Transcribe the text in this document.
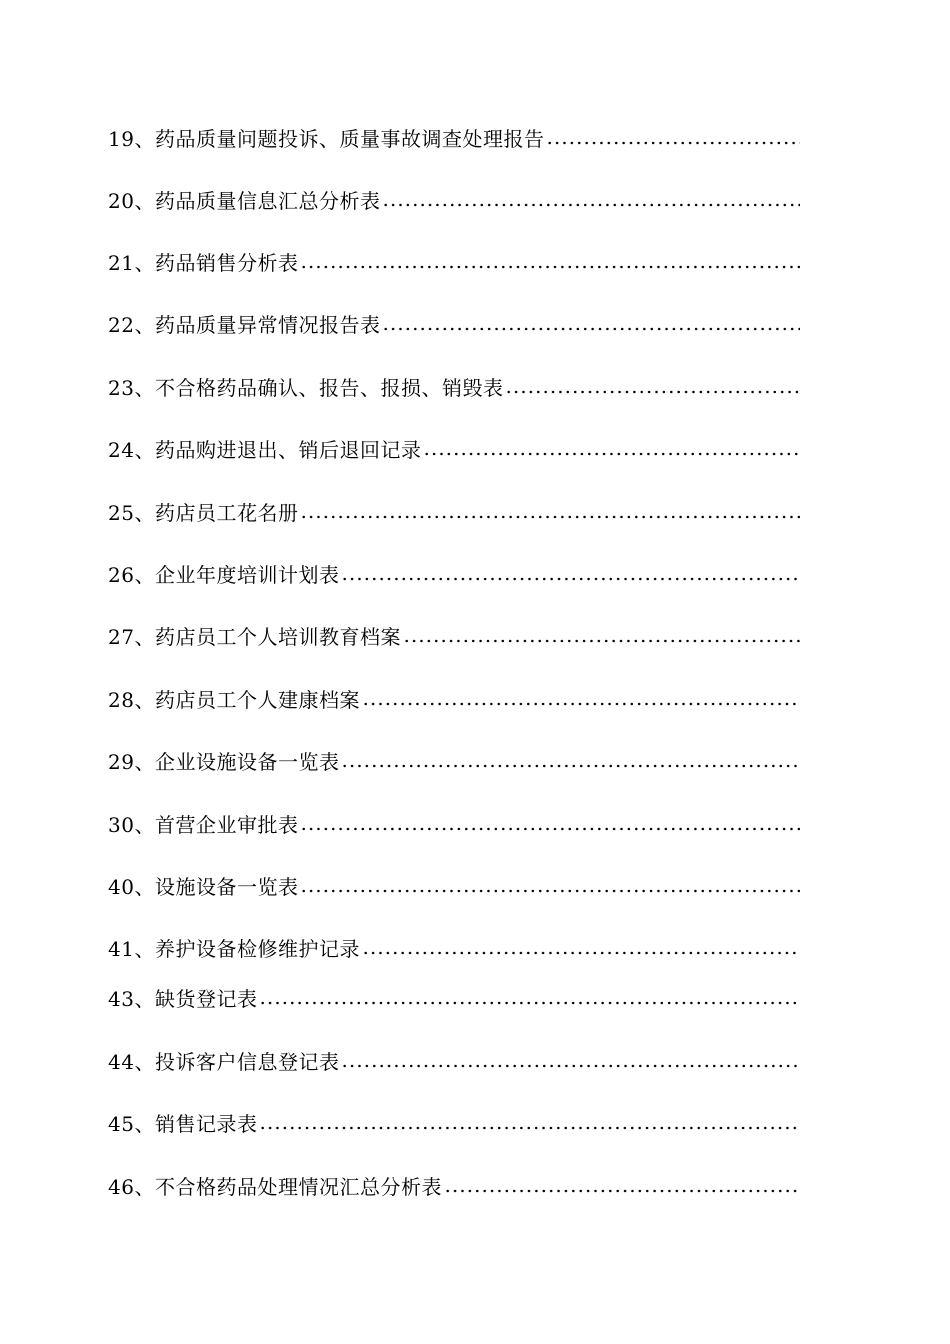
19、药品质量问题投诉、质量事故调查处理报告
20、药品质量信息汇总分析表
21、药品销售分析表
22、药品质量异常情况报告表
23、不合格药品确认、报告、报损、销毁表
24、药品购进退出、销后退回记录
25、药店员工花名册
26、企业年度培训计划表
27、药店员工个人培训教育档案
28、药店员工个人建康档案
29、企业设施设备一览表
30、首营企业审批表
40、设施设备一览表
41、养护设备检修维护记录
43、缺货登记表
44、投诉客户信息登记表
45、销售记录表
46、不合格药品处理情况汇总分析表
